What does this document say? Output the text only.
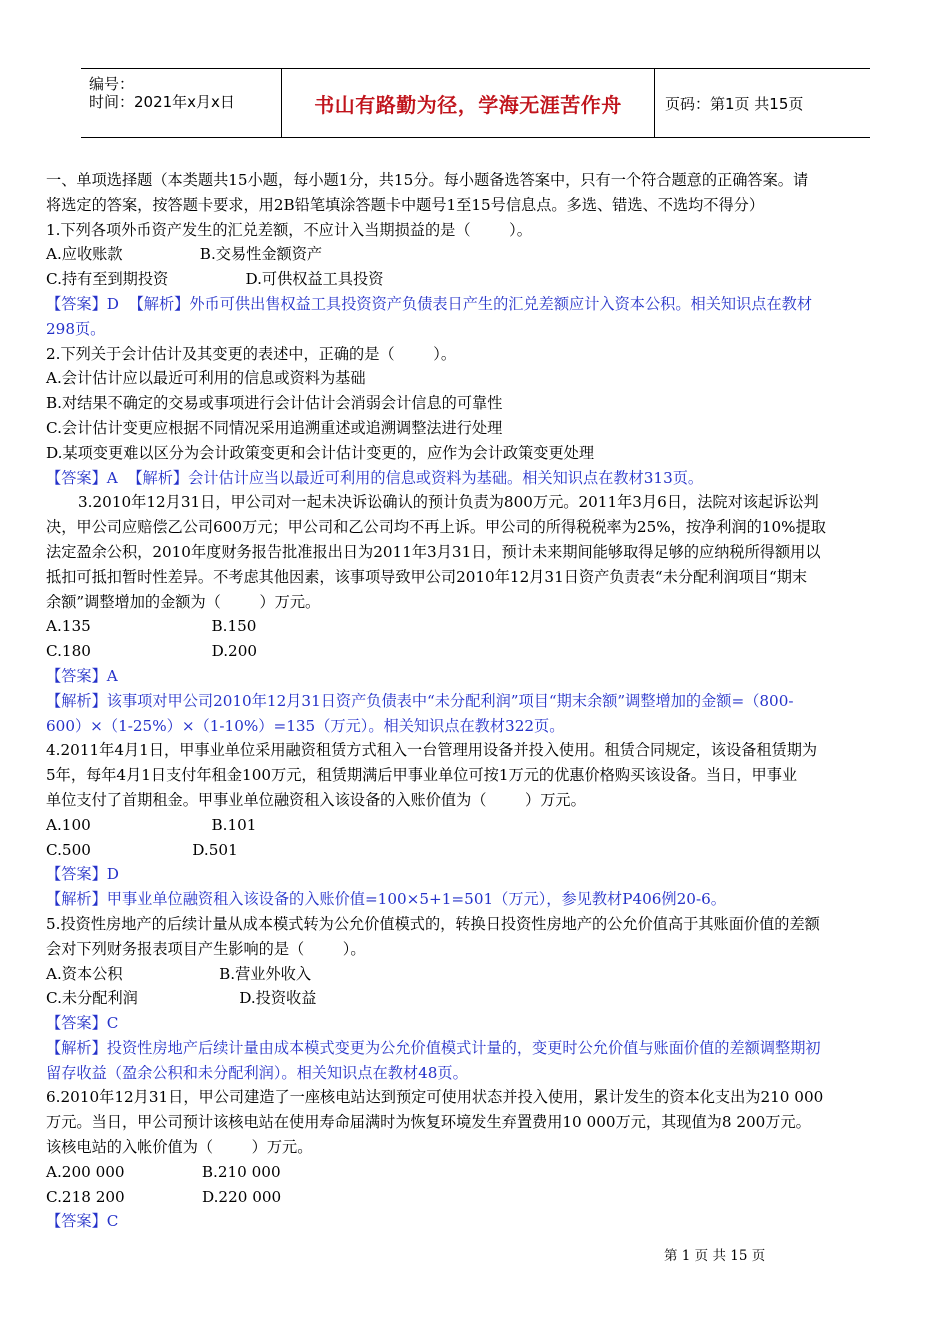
编号：
时间：2021年x月x日	书山有路勤为径，学海无涯苦作舟	页码：第1页 共15页
一、单项选择题（本类题共15小题，每小题1分，共15分。每小题备选答案中，只有一个符合题意的正确答案。请
将选定的答案，按答题卡要求，用2B铅笔填涂答题卡中题号1至15号信息点。多选、错选、不选均不得分）
1.下列各项外币资产发生的汇兑差额，不应计入当期损益的是（        ）。
A.应收账款                B.交易性金额资产
C.持有至到期投资                D.可供权益工具投资
【答案】D  【解析】外币可供出售权益工具投资资产负债表日产生的汇兑差额应计入资本公积。相关知识点在教材
298页。
2.下列关于会计估计及其变更的表述中，正确的是（        ）。
A.会计估计应以最近可利用的信息或资料为基础
B.对结果不确定的交易或事项进行会计估计会消弱会计信息的可靠性
C.会计估计变更应根据不同情况采用追溯重述或追溯调整法进行处理
D.某项变更难以区分为会计政策变更和会计估计变更的，应作为会计政策变更处理
【答案】A  【解析】会计估计应当以最近可利用的信息或资料为基础。相关知识点在教材313页。
3.2010年12月31日，甲公司对一起未决诉讼确认的预计负责为800万元。2011年3月6日，法院对该起诉讼判
决，甲公司应赔偿乙公司600万元；甲公司和乙公司均不再上诉。甲公司的所得税税率为25%，按净利润的10%提取
法定盈余公积，2010年度财务报告批准报出日为2011年3月31日，预计未来期间能够取得足够的应纳税所得额用以
抵扣可抵扣暂时性差异。不考虑其他因素，该事项导致甲公司2010年12月31日资产负责表“未分配利润项目“期末
余额”调整增加的金额为（        ）万元。
A.135                         B.150
C.180                         D.200
【答案】A
【解析】该事项对甲公司2010年12月31日资产负债表中“未分配利润”项目“期末余额”调整增加的金额=（800-
600）×（1-25%）×（1-10%）=135（万元）。相关知识点在教材322页。
4.2011年4月1日，甲事业单位采用融资租赁方式租入一台管理用设备并投入使用。租赁合同规定，该设备租赁期为
5年，每年4月1日支付年租金100万元，租赁期满后甲事业单位可按1万元的优惠价格购买该设备。当日，甲事业
单位支付了首期租金。甲事业单位融资租入该设备的入账价值为（        ）万元。
A.100                         B.101
C.500                     D.501
【答案】D
【解析】甲事业单位融资租入该设备的入账价值=100×5+1=501（万元），参见教材P406例20-6。
5.投资性房地产的后续计量从成本模式转为公允价值模式的，转换日投资性房地产的公允价值高于其账面价值的差额
会对下列财务报表项目产生影响的是（        ）。
A.资本公积                    B.营业外收入
C.未分配利润                     D.投资收益
【答案】C
【解析】投资性房地产后续计量由成本模式变更为公允价值模式计量的，变更时公允价值与账面价值的差额调整期初
留存收益（盈余公积和未分配利润）。相关知识点在教材48页。
6.2010年12月31日，甲公司建造了一座核电站达到预定可使用状态并投入使用，累计发生的资本化支出为210 000
万元。当日，甲公司预计该核电站在使用寿命届满时为恢复环境发生弃置费用10 000万元，其现值为8 200万元。
该核电站的入帐价值为（        ）万元。
A.200 000                B.210 000
C.218 200                D.220 000
【答案】C
第 1 页 共 15 页
